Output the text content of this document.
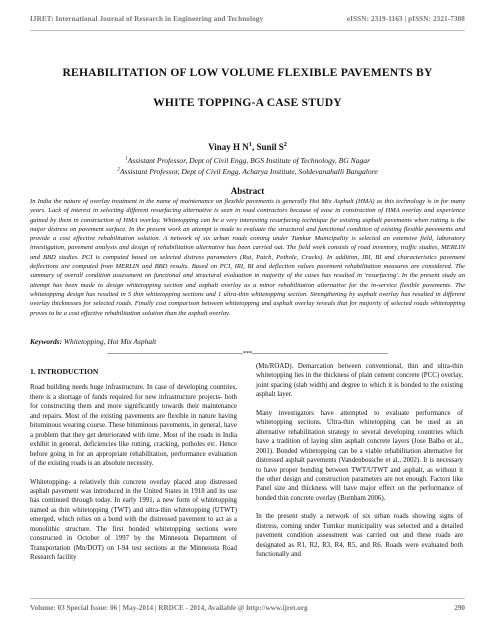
IJRET: International Journal of Research in Engineering and Technology	eISSN: 2319-1163 | pISSN: 2321-7308
REHABILITATION OF LOW VOLUME FLEXIBLE PAVEMENTS BY
WHITE TOPPING-A CASE STUDY
Vinay H $N^1$, Sunil $S^2$
$^1$Assistant Professor, Dept of Civil Engg, BGS Institute of Technology, BG Nagar
$^2$Assistant Professor, Dept of Civil Engg, Acharya Institute, Soldevanahalli Bangalore
Abstract
In India the nature of overlay treatment in the name of maintenance on flexible pavements is generally Hot Mix Asphalt (HMA) as this technology is in for many years. Lack of interest in selecting different resurfacing alternative is seen in road contractors because of ease in construction of HMA overlay and experience gained by them in construction of HMA overlay. Whitetopping can be a very interesting resurfacing technique for existing asphalt pavements when rutting is the major distress on pavement surface. In the present work an attempt is made to evaluate the structural and functional condition of existing flexible pavements and provide a cost effective rehabilitation solution. A network of six urban roads coming under Tumkur Municipality is selected an extensive field, laboratory investigation, pavement analysis and design of rehabilitation alternative has been carried out. The field work consists of road inventory, traffic studies, MERLIN and BBD studies. PCI is computed based on selected distress parameters (Rut, Patch, Pothole, Cracks). In addition, IRI, BI and characteristics pavement deflections are computed from MERLIN and BBD results. Based on PCI, IRI, BI and deflection values pavement rehabilitation measures are considered. The summary of overall condition assessment on functional and structural evaluation in majority of the cases has resulted in 'resurfacing'. In the present study an attempt has been made to design whitetopping section and asphalt overlay as a minor rehabilitation alternative for the in-service flexible pavements. The whitetopping design has resulted in 5 thin whitetopping sections and 1 ultra-thin whitetopping section. Strengthening by asphalt overlay has resulted in different overlay thicknesses for selected roads. Finally cost comparison between whitetopping and asphalt overlay reveals that for majority of selected roads whitetopping proves to be a cost effective rehabilitation solution than the asphalt overlay.
Keywords: Whitetopping, Hot Mix Asphalt
--------------------------------------------------------------------***--------------------------------------------------------------------
1. INTRODUCTION

Road building needs huge infrastructure. In case of developing countries, there is a shortage of funds required for new infrastructure projects- both for constructing them and more significantly towards their maintenance and repairs. Most of the existing pavements are flexible in nature having bituminous wearing course. These bituminous pavements, in general, have a problem that they get deteriorated with time. Most of the roads in India exhibit in general, deficiencies like rutting, cracking, potholes etc. Hence before going in for an appropriate rehabilitation, performance evaluation of the existing roads is an absolute necessity.

Whitetopping- a relatively thin concrete overlay placed atop distressed asphalt pavement was introduced in the United States in 1918 and its use has continued through today. In early 1991, a new form of whitetopping named as thin whitetopping (TWT) and ultra-thin whitetopping (UTWT) emerged, which relies on a bond with the distressed pavement to act as a monolithic structure. The first bonded whitetopping sections were constructed in October of 1997 by the Minnesota Department of Transportation (Mn/DOT) on I-94 test sections at the Minnesota Road Research facility

(Mn/ROAD). Demarcation between conventional, thin and ultra-thin whitetopping lies in the thickness of plain cement concrete (PCC) overlay, joint spacing (slab width) and degree to which it is bonded to the existing asphalt layer.

Many investigators have attempted to evaluate performance of whitetopping sections. Ultra-thin whitetopping can be used as an alternative rehabilitation strategy to several developing countries which have a tradition of laying slim asphalt concrete layers (Jose Balbo et al., 2001). Bonded whitetopping can be a viable rehabilitation alternative for distressed asphalt pavements (Vandenbossche et al., 2002). It is necessary to have proper bonding between TWT/UTWT and asphalt, as without it the other design and construction parameters are not enough. Factors like Panel size and thickness will have major effect on the performance of bonded thin concrete overlay (Burnham 2006).

In the present study a network of six urban roads showing signs of distress, coming under Tumkur municipality was selected and a detailed pavement condition assessment was carried out and these roads are designated as R1, R2, R3, R4, R5, and R6. Roads were evaluated both functionally and

Volume: 03 Special Issue: 06 | May-2014 | RRDCE - 2014, Available @ http://www.ijret.org	290
